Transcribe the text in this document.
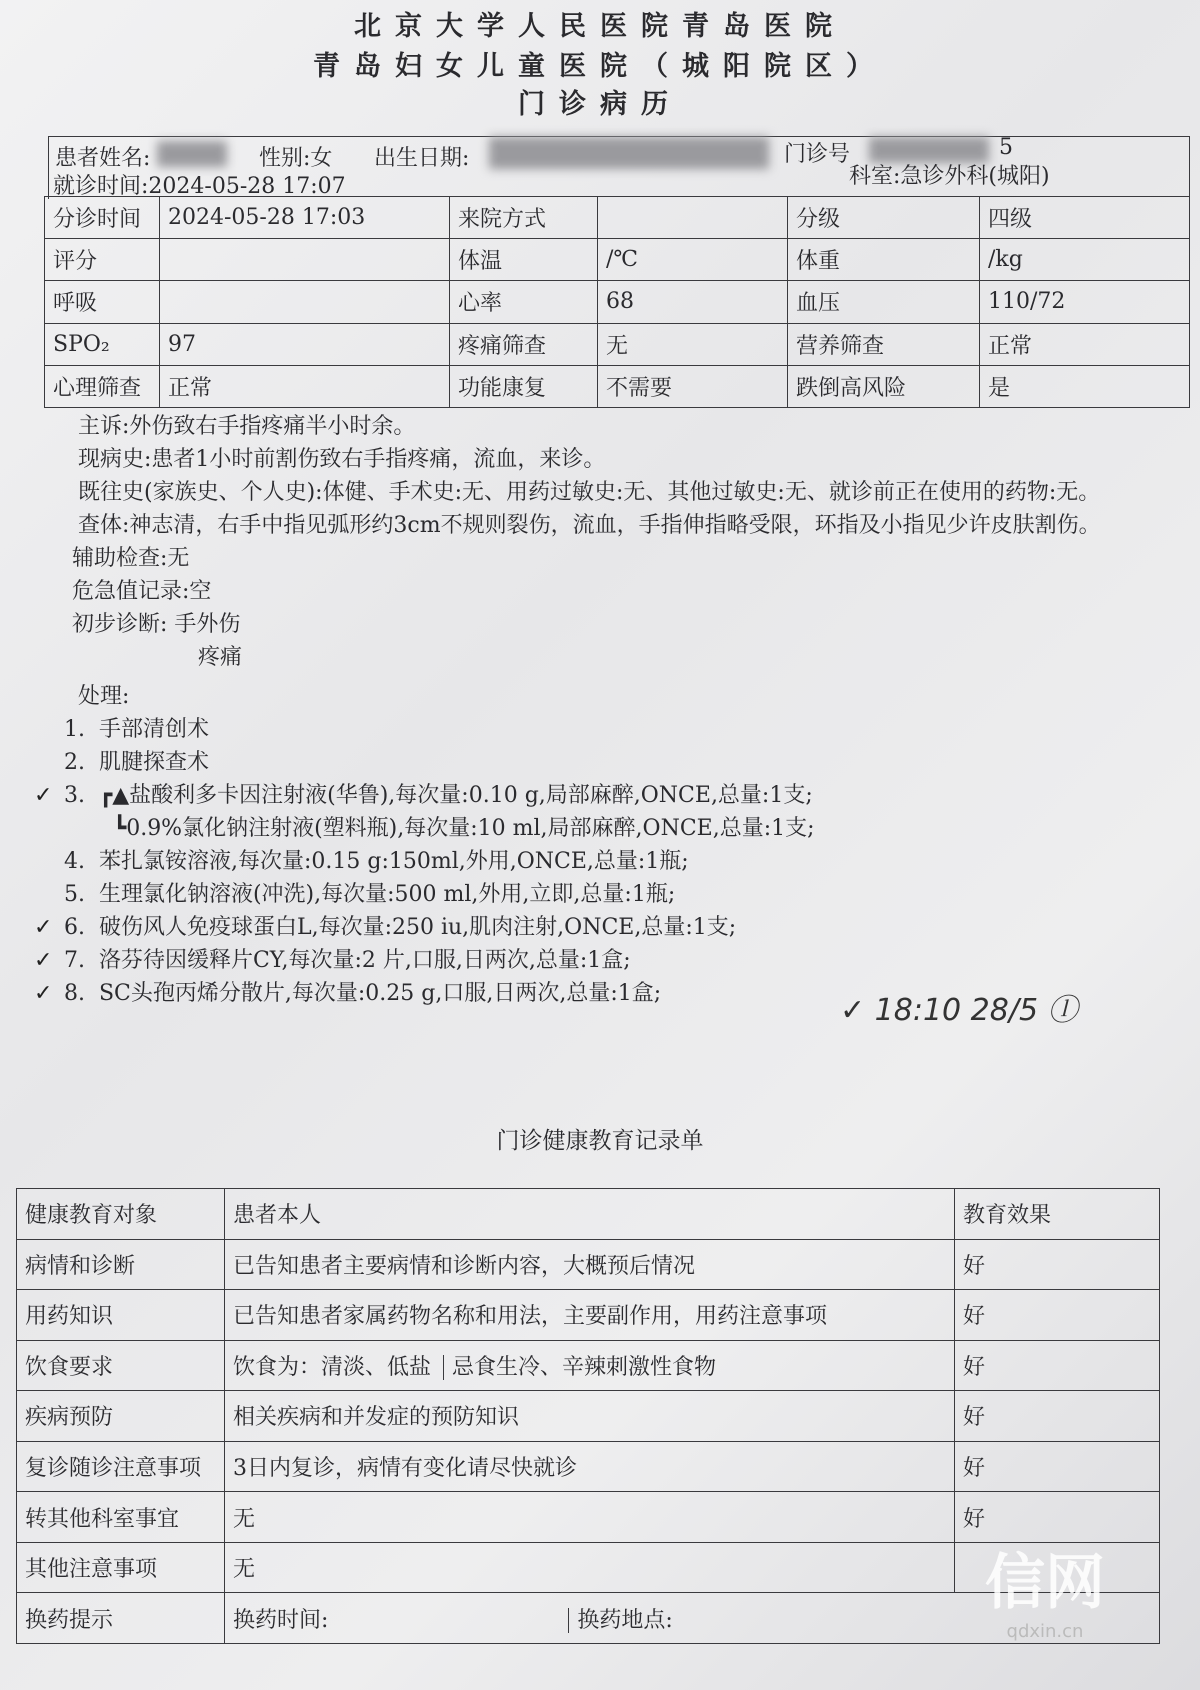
北京大学人民医院青岛医院
青岛妇女儿童医院（城阳院区）
门诊病历
患者姓名:	性别:女 出生日期:	门诊号	5
就诊时间:2024-05-28 17:07	科室:急诊外科(城阳)
分诊时间	2024-05-28 17:03	来院方式		分级	四级
评分		体温	/℃	体重	/kg
呼吸		心率	68	血压	110/72
SPO₂	97	疼痛筛查	无	营养筛查	正常
心理筛查	正常	功能康复	不需要	跌倒高风险	是

主诉:外伤致右手指疼痛半小时余。

现病史:患者1小时前割伤致右手指疼痛，流血，来诊。

既往史(家族史、个人史):体健、手术史:无、用药过敏史:无、其他过敏史:无、就诊前正在使用的药物:无。

查体:神志清，右手中指见弧形约3cm不规则裂伤，流血，手指伸指略受限，环指及小指见少许皮肤割伤。

辅助检查:无

危急值记录:空

初步诊断: 手外伤

疼痛

处理:

1.  手部清创术

2.  肌腱探查术

✓ 3.  ┏▲盐酸利多卡因注射液(华鲁),每次量:0.10 g,局部麻醉,ONCE,总量:1支;

┗0.9%氯化钠注射液(塑料瓶),每次量:10 ml,局部麻醉,ONCE,总量:1支;

4.  苯扎氯铵溶液,每次量:0.15 g:150ml,外用,ONCE,总量:1瓶;

5.  生理氯化钠溶液(冲洗),每次量:500 ml,外用,立即,总量:1瓶;

✓ 6.  破伤风人免疫球蛋白L,每次量:250 iu,肌肉注射,ONCE,总量:1支;

✓ 7.  洛芬待因缓释片CY,每次量:2 片,口服,日两次,总量:1盒;

✓ 8.  SC头孢丙烯分散片,每次量:0.25 g,口服,日两次,总量:1盒;	✓ 18:10 28/5 ⓛ
门诊健康教育记录单
健康教育对象	患者本人	教育效果
病情和诊断	已告知患者主要病情和诊断内容，大概预后情况	好
用药知识	已告知患者家属药物名称和用法，主要副作用，用药注意事项	好
饮食要求	饮食为：清淡、低盐 忌食生冷、辛辣刺激性食物	好
疾病预防	相关疾病和并发症的预防知识	好
复诊随诊注意事项	3日内复诊，病情有变化请尽快就诊	好
转其他科室事宜	无	好
其他注意事项	无	
换药提示	换药时间: 换药地点:	
信网
qdxin.cn
